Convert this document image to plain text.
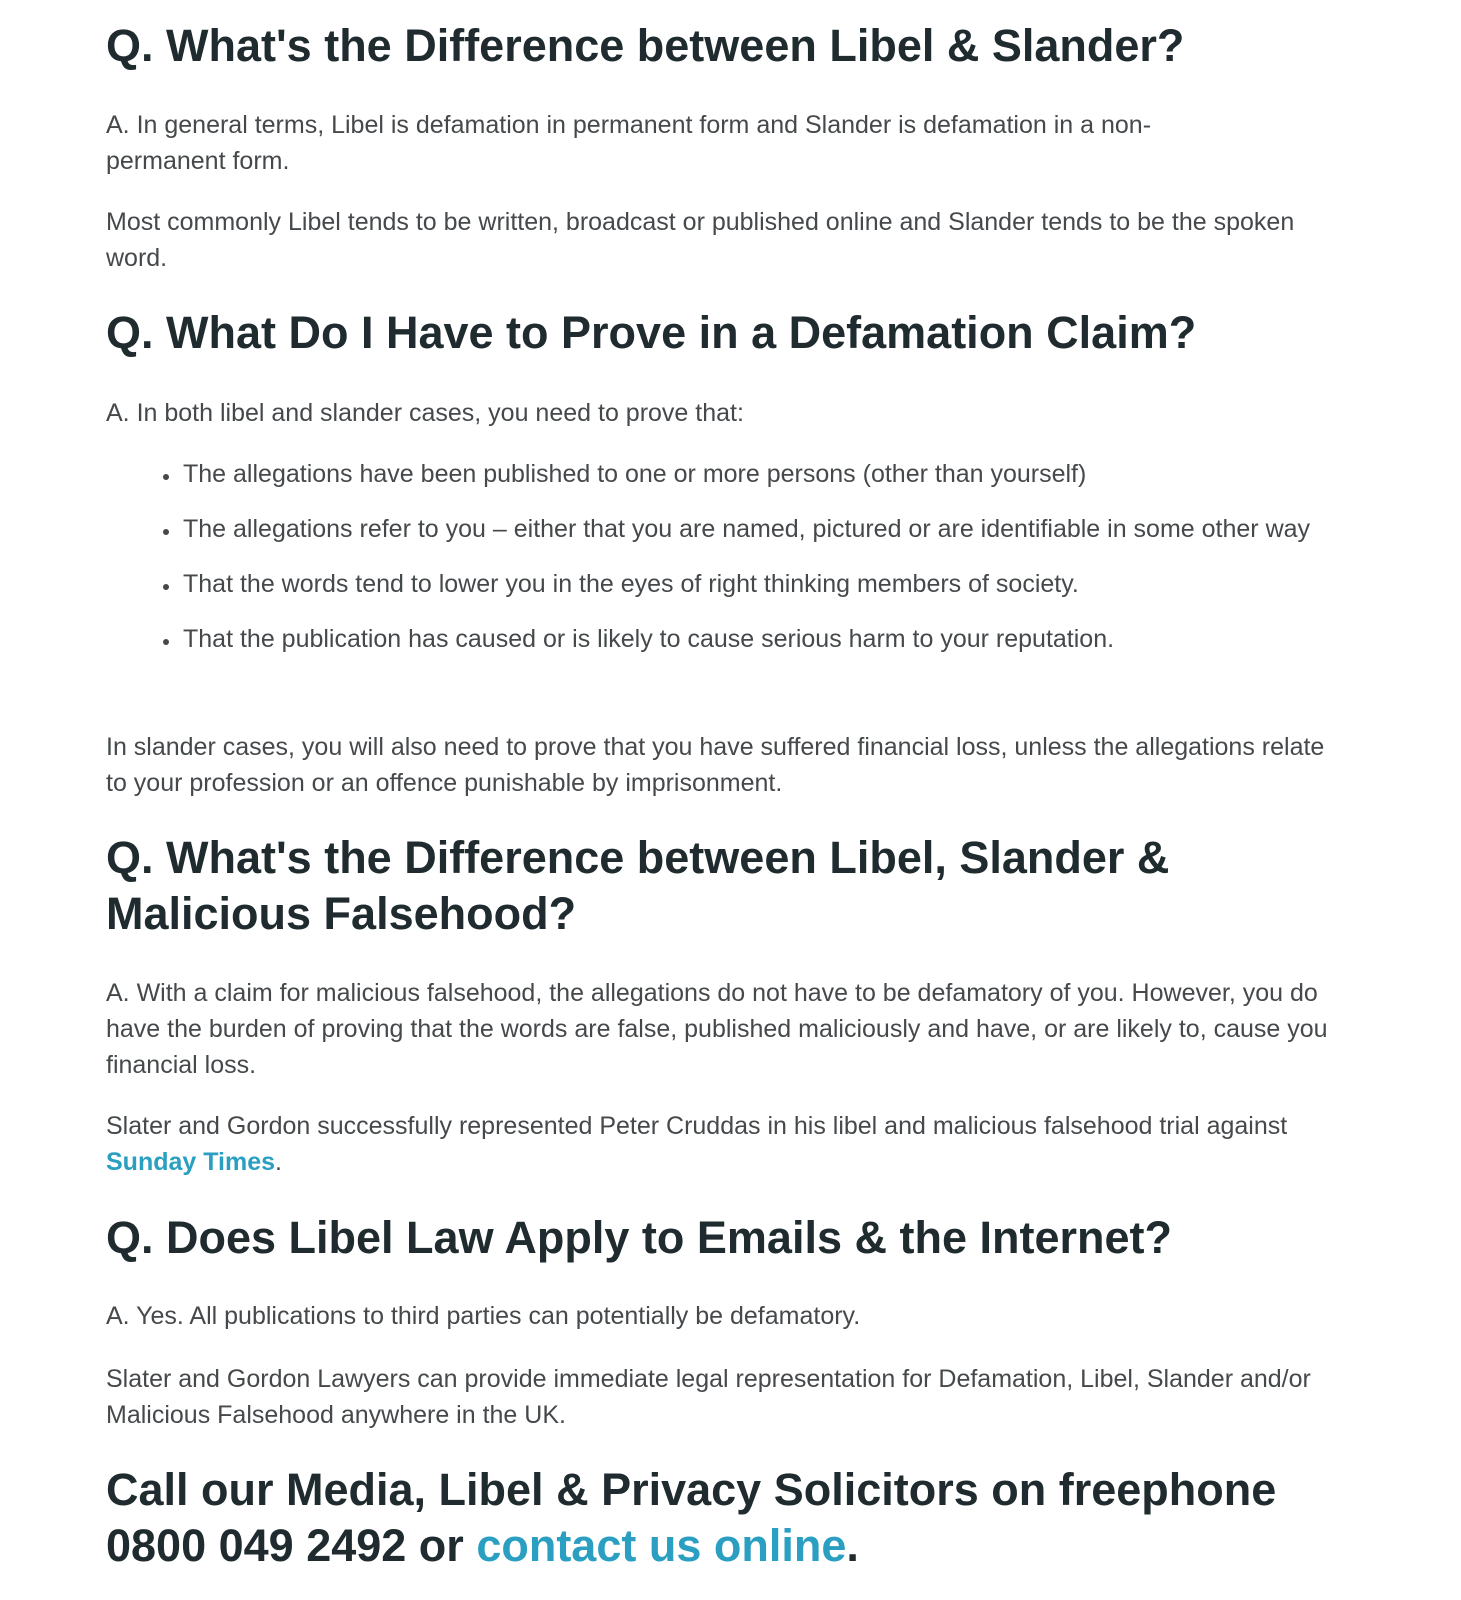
Q. What's the Difference between Libel & Slander?

A. In general terms, Libel is defamation in permanent form and Slander is defamation in a non-permanent form.

Most commonly Libel tends to be written, broadcast or published online and Slander tends to be the spoken word.

Q. What Do I Have to Prove in a Defamation Claim?

A. In both libel and slander cases, you need to prove that:

• The allegations have been published to one or more persons (other than yourself)
• The allegations refer to you – either that you are named, pictured or are identifiable in some other way
• That the words tend to lower you in the eyes of right thinking members of society.
• That the publication has caused or is likely to cause serious harm to your reputation.

In slander cases, you will also need to prove that you have suffered financial loss, unless the allegations relate to your profession or an offence punishable by imprisonment.

Q. What's the Difference between Libel, Slander & Malicious Falsehood?

A. With a claim for malicious falsehood, the allegations do not have to be defamatory of you. However, you do have the burden of proving that the words are false, published maliciously and have, or are likely to, cause you financial loss.

Slater and Gordon successfully represented Peter Cruddas in his libel and malicious falsehood trial against Sunday Times.

Q. Does Libel Law Apply to Emails & the Internet?

A. Yes. All publications to third parties can potentially be defamatory.

Slater and Gordon Lawyers can provide immediate legal representation for Defamation, Libel, Slander and/or Malicious Falsehood anywhere in the UK.

Call our Media, Libel & Privacy Solicitors on freephone 0800 049 2492 or contact us online.
